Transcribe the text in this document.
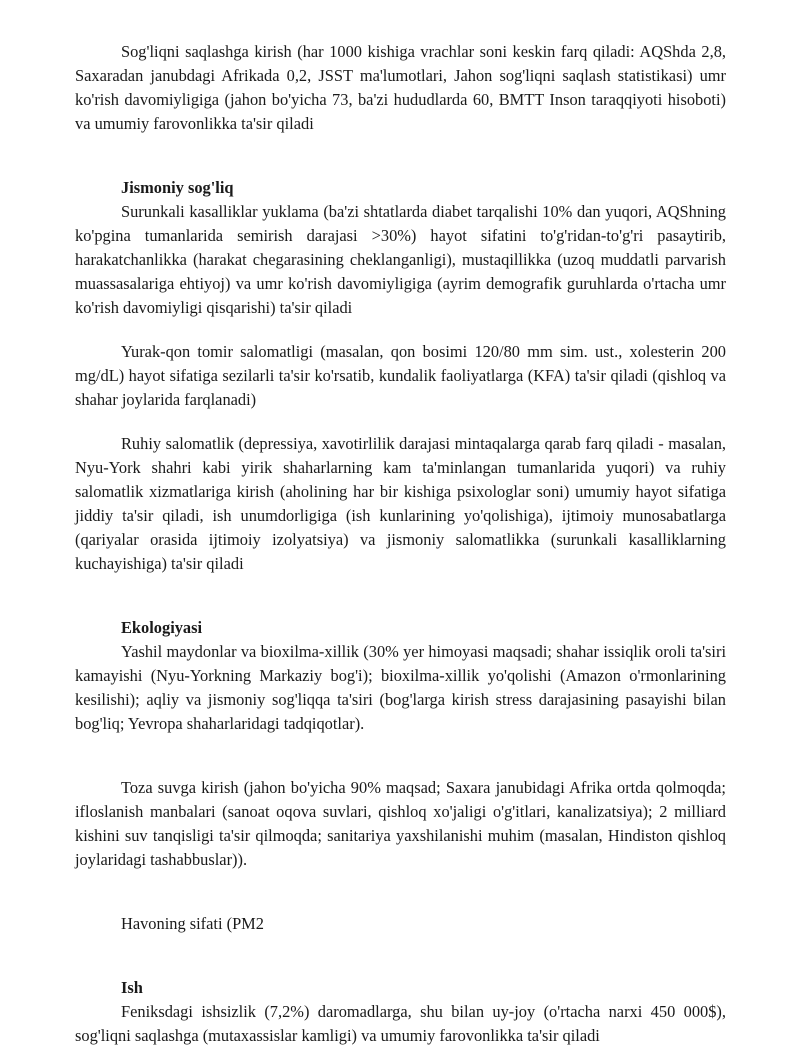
Sog'liqni saqlashga kirish (har 1000 kishiga vrachlar soni keskin farq qiladi: AQShda 2,8, Saxaradan janubdagi Afrikada 0,2, JSST ma'lumotlari, Jahon sog'liqni saqlash statistikasi) umr ko'rish davomiyligiga (jahon bo'yicha 73, ba'zi hududlarda 60, BMTT Inson taraqqiyoti hisoboti) va umumiy farovonlikka ta'sir qiladi

Jismoniy sog'liq

Surunkali kasalliklar yuklama (ba'zi shtatlarda diabet tarqalishi 10% dan yuqori, AQShning ko'pgina tumanlarida semirish darajasi >30%) hayot sifatini to'g'ridan-to'g'ri pasaytirib, harakatchanlikka (harakat chegarasining cheklanganligi), mustaqillikka (uzoq muddatli parvarish muassasalariga ehtiyoj) va umr ko'rish davomiyligiga (ayrim demografik guruhlarda o'rtacha umr ko'rish davomiyligi qisqarishi) ta'sir qiladi

Yurak-qon tomir salomatligi (masalan, qon bosimi 120/80 mm sim. ust., xolesterin 200 mg/dL) hayot sifatiga sezilarli ta'sir ko'rsatib, kundalik faoliyatlarga (KFA) ta'sir qiladi (qishloq va shahar joylarida farqlanadi)

Ruhiy salomatlik (depressiya, xavotirlilik darajasi mintaqalarga qarab farq qiladi - masalan, Nyu-York shahri kabi yirik shaharlarning kam ta'minlangan tumanlarida yuqori) va ruhiy salomatlik xizmatlariga kirish (aholining har bir kishiga psixologlar soni) umumiy hayot sifatiga jiddiy ta'sir qiladi, ish unumdorligiga (ish kunlarining yo'qolishiga), ijtimoiy munosabatlarga (qariyalar orasida ijtimoiy izolyatsiya) va jismoniy salomatlikka (surunkali kasalliklarning kuchayishiga) ta'sir qiladi

Ekologiyasi

Yashil maydonlar va bioxilma-xillik (30% yer himoyasi maqsadi; shahar issiqlik oroli ta'siri kamayishi (Nyu-Yorkning Markaziy bog'i); bioxilma-xillik yo'qolishi (Amazon o'rmonlarining kesilishi); aqliy va jismoniy sog'liqqa ta'siri (bog'larga kirish stress darajasining pasayishi bilan bog'liq; Yevropa shaharlaridagi tadqiqotlar).

Toza suvga kirish (jahon bo'yicha 90% maqsad; Saxara janubidagi Afrika ortda qolmoqda; ifloslanish manbalari (sanoat oqova suvlari, qishloq xo'jaligi o'g'itlari, kanalizatsiya); 2 milliard kishini suv tanqisligi ta'sir qilmoqda; sanitariya yaxshilanishi muhim (masalan, Hindiston qishloq joylaridagi tashabbuslar)).

Havoning sifati (PM2

Ish

Feniksdagi ishsizlik (7,2%) daromadlarga, shu bilan uy-joy (o'rtacha narxi 450 000$), sog'liqni saqlashga (mutaxassislar kamligi) va umumiy farovonlikka ta'sir qiladi
